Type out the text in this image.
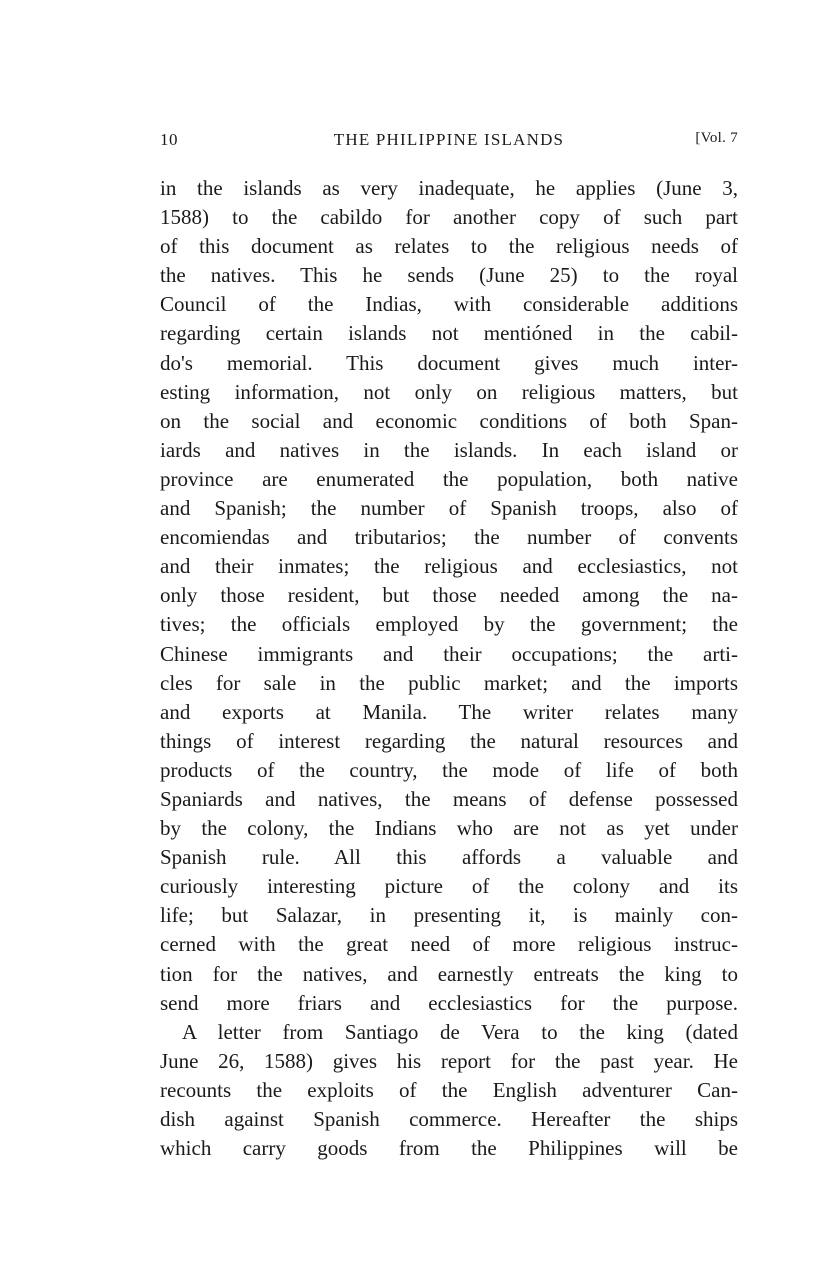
10	THE PHILIPPINE ISLANDS	[Vol. 7
in the islands as very inadequate, he applies (June 3,
1588) to the cabildo for another copy of such part
of this document as relates to the religious needs of
the natives. This he sends (June 25) to the royal
Council of the Indias, with considerable additions
regarding certain islands not mentióned in the cabil-
do's memorial. This document gives much inter-
esting information, not only on religious matters, but
on the social and economic conditions of both Span-
iards and natives in the islands. In each island or
province are enumerated the population, both native
and Spanish; the number of Spanish troops, also of
encomiendas and tributarios; the number of convents
and their inmates; the religious and ecclesiastics, not
only those resident, but those needed among the na-
tives; the officials employed by the government; the
Chinese immigrants and their occupations; the arti-
cles for sale in the public market; and the imports
and exports at Manila. The writer relates many
things of interest regarding the natural resources and
products of the country, the mode of life of both
Spaniards and natives, the means of defense possessed
by the colony, the Indians who are not as yet under
Spanish rule. All this affords a valuable and
curiously interesting picture of the colony and its
life; but Salazar, in presenting it, is mainly con-
cerned with the great need of more religious instruc-
tion for the natives, and earnestly entreats the king to
send more friars and ecclesiastics for the purpose.
A letter from Santiago de Vera to the king (dated
June 26, 1588) gives his report for the past year. He
recounts the exploits of the English adventurer Can-
dish against Spanish commerce. Hereafter the ships
which carry goods from the Philippines will be
